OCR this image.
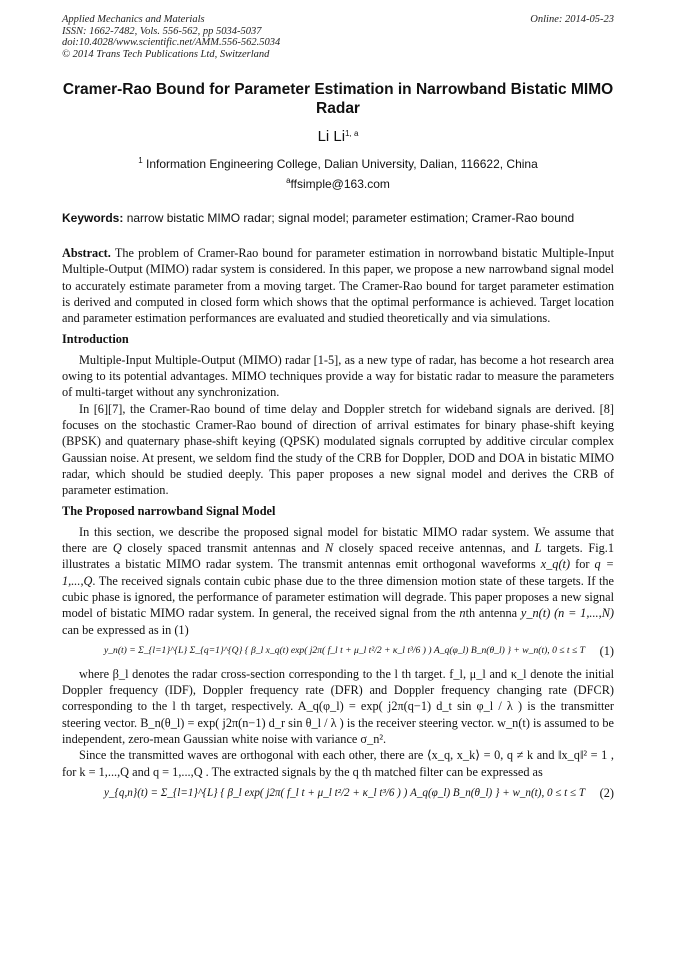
Applied Mechanics and Materials
ISSN: 1662-7482, Vols. 556-562, pp 5034-5037
doi:10.4028/www.scientific.net/AMM.556-562.5034
© 2014 Trans Tech Publications Ltd, Switzerland
Online: 2014-05-23
Cramer-Rao Bound for Parameter Estimation in Narrowband Bistatic MIMO Radar
Li Li$^{1, a}$
$^1$ Information Engineering College, Dalian University, Dalian, 116622, China
$^a$ffsimple@163.com
Keywords: narrow bistatic MIMO radar; signal model; parameter estimation; Cramer-Rao bound

Abstract. The problem of Cramer-Rao bound for parameter estimation in norrowband bistatic Multiple-Input Multiple-Output (MIMO) radar system is considered. In this paper, we propose a new narrowband signal model to accurately estimate parameter from a moving target. The Cramer-Rao bound for target parameter estimation is derived and computed in closed form which shows that the optimal performance is achieved. Target location and parameter estimation performances are evaluated and studied theoretically and via simulations.

Introduction

Multiple-Input Multiple-Output (MIMO) radar [1-5], as a new type of radar, has become a hot research area owing to its potential advantages. MIMO techniques provide a way for bistatic radar to measure the parameters of multi-target without any synchronization.

In [6][7], the Cramer-Rao bound of time delay and Doppler stretch for wideband signals are derived. [8] focuses on the stochastic Cramer-Rao bound of direction of arrival estimates for binary phase-shift keying (BPSK) and quaternary phase-shift keying (QPSK) modulated signals corrupted by additive circular complex Gaussian noise. At present, we seldom find the study of the CRB for Doppler, DOD and DOA in bistatic MIMO radar, which should be studied deeply. This paper proposes a new signal model and derives the CRB of parameter estimation.

The Proposed narrowband Signal Model

In this section, we describe the proposed signal model for bistatic MIMO radar system. We assume that there are Q closely spaced transmit antennas and N closely spaced receive antennas, and L targets. Fig.1 illustrates a bistatic MIMO radar system. The transmit antennas emit orthogonal waveforms x_q(t) for q = 1,...,Q. The received signals contain cubic phase due to the three dimension motion state of these targets. If the cubic phase is ignored, the performance of parameter estimation will degrade. This paper proposes a new signal model of bistatic MIMO radar system. In general, the received signal from the nth antenna y_n(t) (n = 1,...,N) can be expressed as in (1)

y_n(t) = Σ_{l=1}^{L} Σ_{q=1}^{Q} { β_l x_q(t) exp( j2π( f_l t + μ_l t²/2 + κ_l t³/6 ) ) A_q(φ_l) B_n(θ_l) } + w_n(t), 0 ≤ t ≤ T (1)

where β_l denotes the radar cross-section corresponding to the l th target. f_l, μ_l and κ_l denote the initial Doppler frequency (IDF), Doppler frequency rate (DFR) and Doppler frequency changing rate (DFCR) corresponding to the l th target, respectively. A_q(φ_l) = exp( j2π(q−1) d_t sin φ_l / λ ) is the transmitter steering vector. B_n(θ_l) = exp( j2π(n−1) d_r sin θ_l / λ ) is the receiver steering vector. w_n(t) is assumed to be independent, zero-mean Gaussian white noise with variance σ_n².

Since the transmitted waves are orthogonal with each other, there are ⟨x_q, x_k⟩ = 0, q ≠ k and ‖x_q‖² = 1 , for k = 1,...,Q and q = 1,...,Q . The extracted signals by the q th matched filter can be expressed as

y_{q,n}(t) = Σ_{l=1}^{L} { β_l exp( j2π( f_l t + μ_l t²/2 + κ_l t³/6 ) ) A_q(φ_l) B_n(θ_l) } + w_n(t), 0 ≤ t ≤ T (2)
